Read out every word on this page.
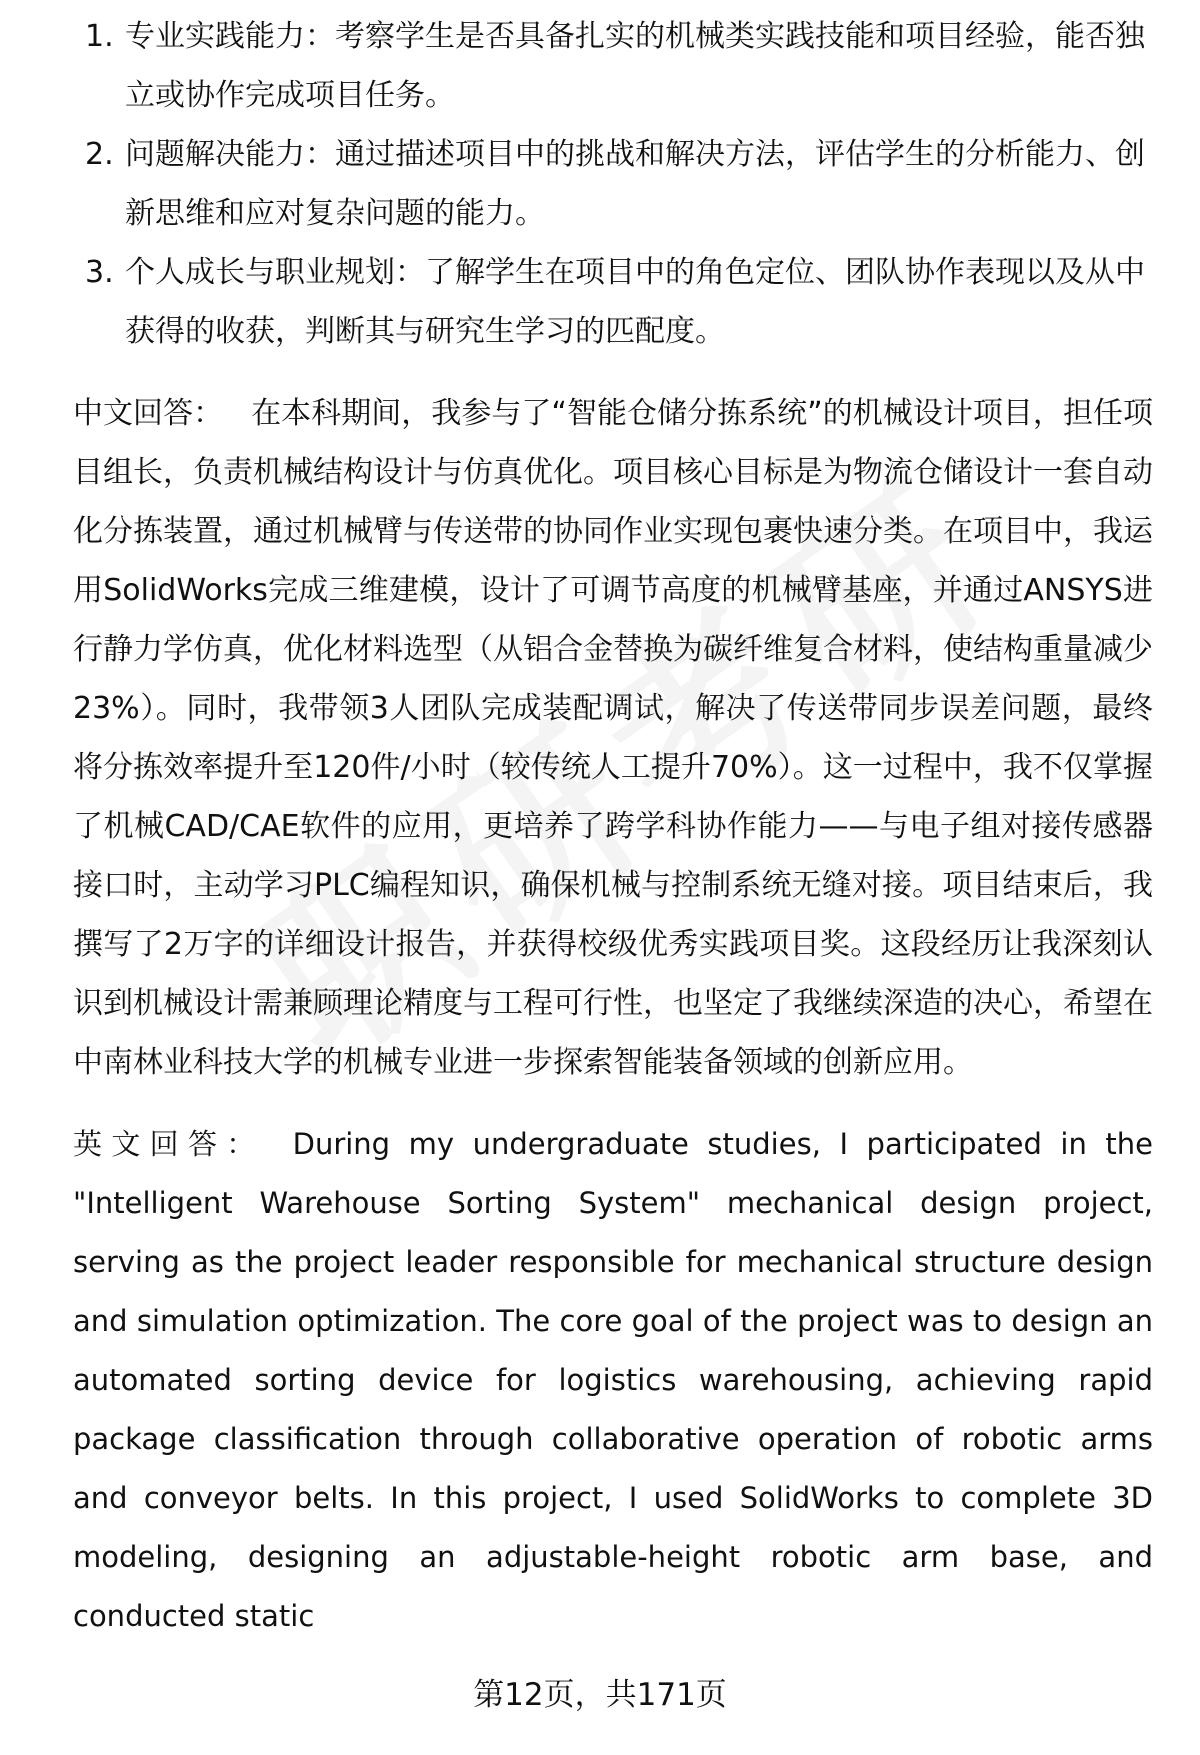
1. 专业实践能力：考察学生是否具备扎实的机械类实践技能和项目经验，能否独立或协作完成项目任务。
2. 问题解决能力：通过描述项目中的挑战和解决方法，评估学生的分析能力、创新思维和应对复杂问题的能力。
3. 个人成长与职业规划：了解学生在项目中的角色定位、团队协作表现以及从中获得的收获，判断其与研究生学习的匹配度。

中文回答： 在本科期间，我参与了“智能仓储分拣系统”的机械设计项目，担任项目组长，负责机械结构设计与仿真优化。项目核心目标是为物流仓储设计一套自动化分拣装置，通过机械臂与传送带的协同作业实现包裹快速分类。在项目中，我运用SolidWorks完成三维建模，设计了可调节高度的机械臂基座，并通过ANSYS进行静力学仿真，优化材料选型（从铝合金替换为碳纤维复合材料，使结构重量减少23%）。同时，我带领3人团队完成装配调试，解决了传送带同步误差问题，最终将分拣效率提升至120件/小时（较传统人工提升70%）。这一过程中，我不仅掌握了机械CAD/CAE软件的应用，更培养了跨学科协作能力——与电子组对接传感器接口时，主动学习PLC编程知识，确保机械与控制系统无缝对接。项目结束后，我撰写了2万字的详细设计报告，并获得校级优秀实践项目奖。这段经历让我深刻认识到机械设计需兼顾理论精度与工程可行性，也坚定了我继续深造的决心，希望在中南林业科技大学的机械专业进一步探索智能装备领域的创新应用。

英文回答： During my undergraduate studies, I participated in the "Intelligent Warehouse Sorting System" mechanical design project, serving as the project leader responsible for mechanical structure design and simulation optimization. The core goal of the project was to design an automated sorting device for logistics warehousing, achieving rapid package classification through collaborative operation of robotic arms and conveyor belts. In this project, I used SolidWorks to complete 3D modeling, designing an adjustable-height robotic arm base, and conducted static

第12页，共171页
